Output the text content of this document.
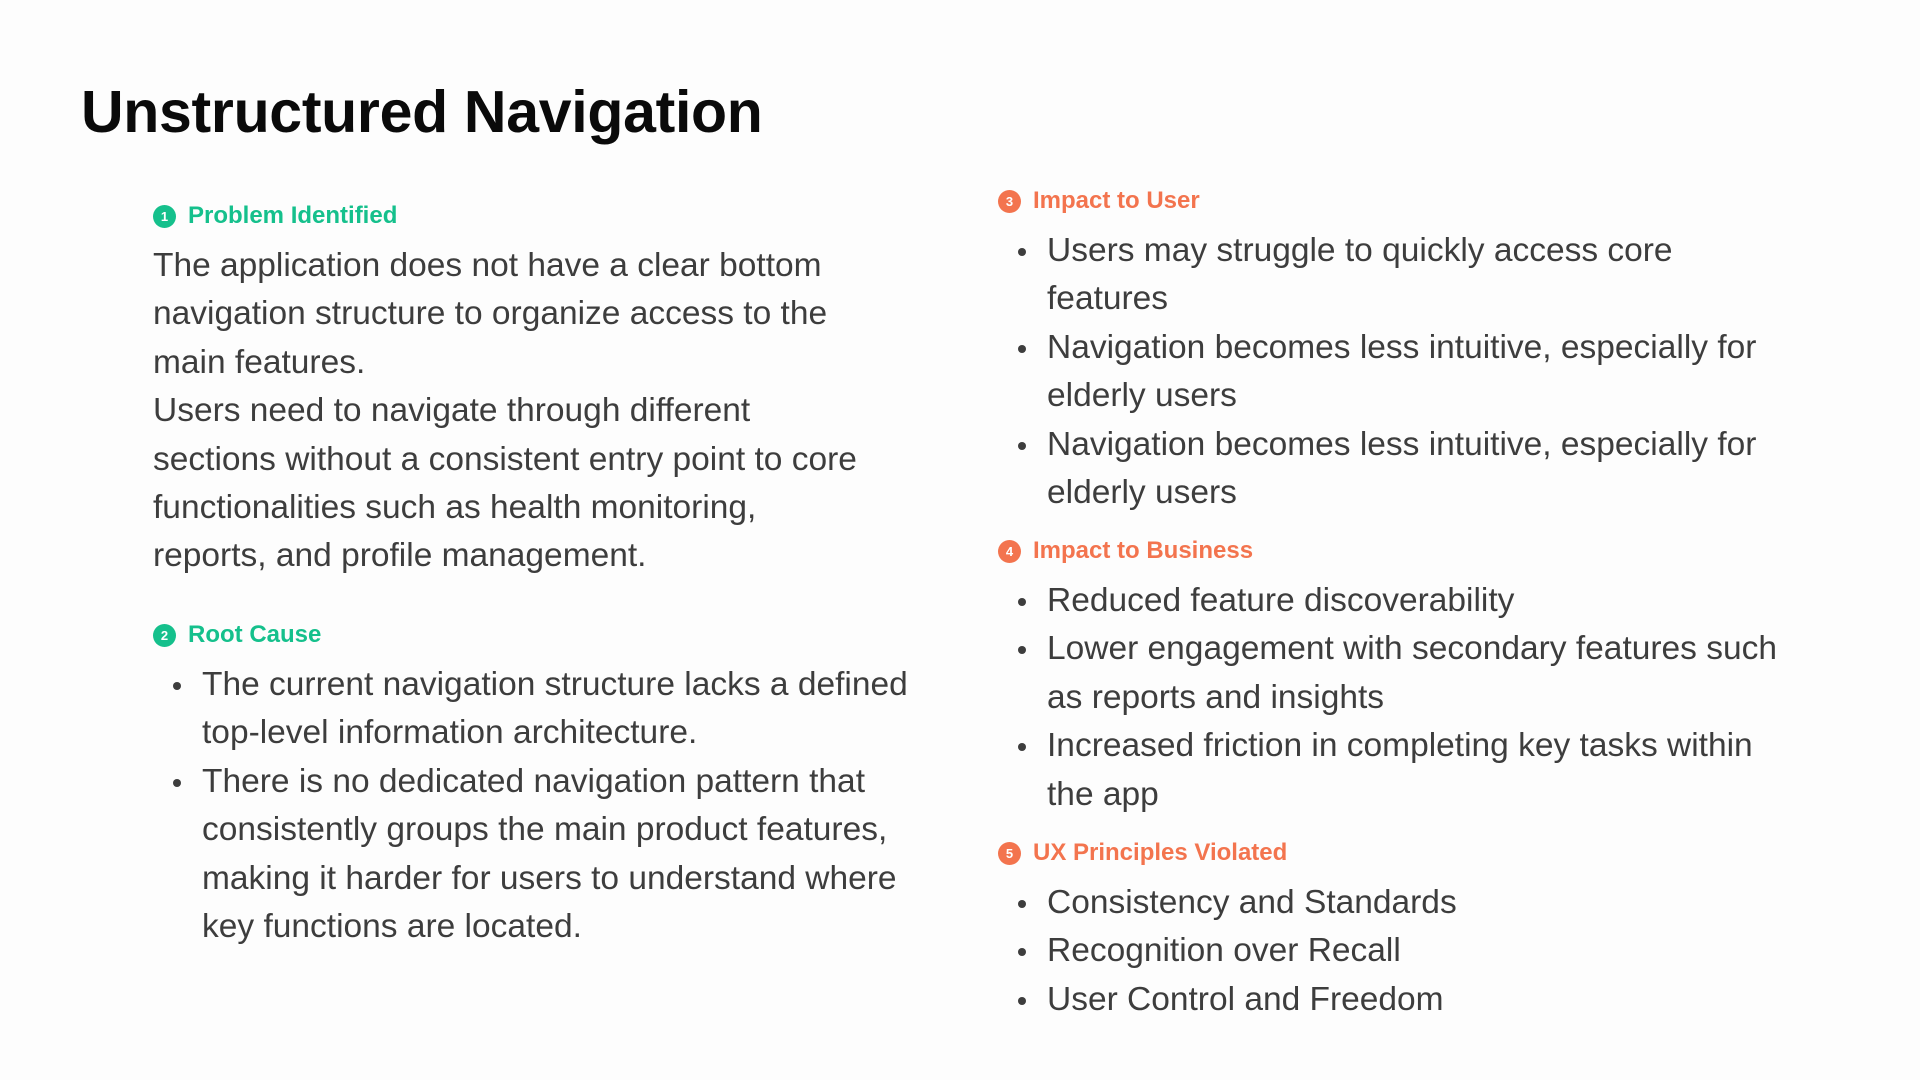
Unstructured Navigation
1 Problem Identified

The application does not have a clear bottom navigation structure to organize access to the main features.

Users need to navigate through different sections without a consistent entry point to core functionalities such as health monitoring, reports, and profile management.

2 Root Cause
The current navigation structure lacks a defined top-level information architecture.
There is no dedicated navigation pattern that consistently groups the main product features, making it harder for users to understand where key functions are located.
3 Impact to User
Users may struggle to quickly access core features
Navigation becomes less intuitive, especially for elderly users
Navigation becomes less intuitive, especially for elderly users
4 Impact to Business
Reduced feature discoverability
Lower engagement with secondary features such as reports and insights
Increased friction in completing key tasks within the app
5 UX Principles Violated
Consistency and Standards
Recognition over Recall
User Control and Freedom
